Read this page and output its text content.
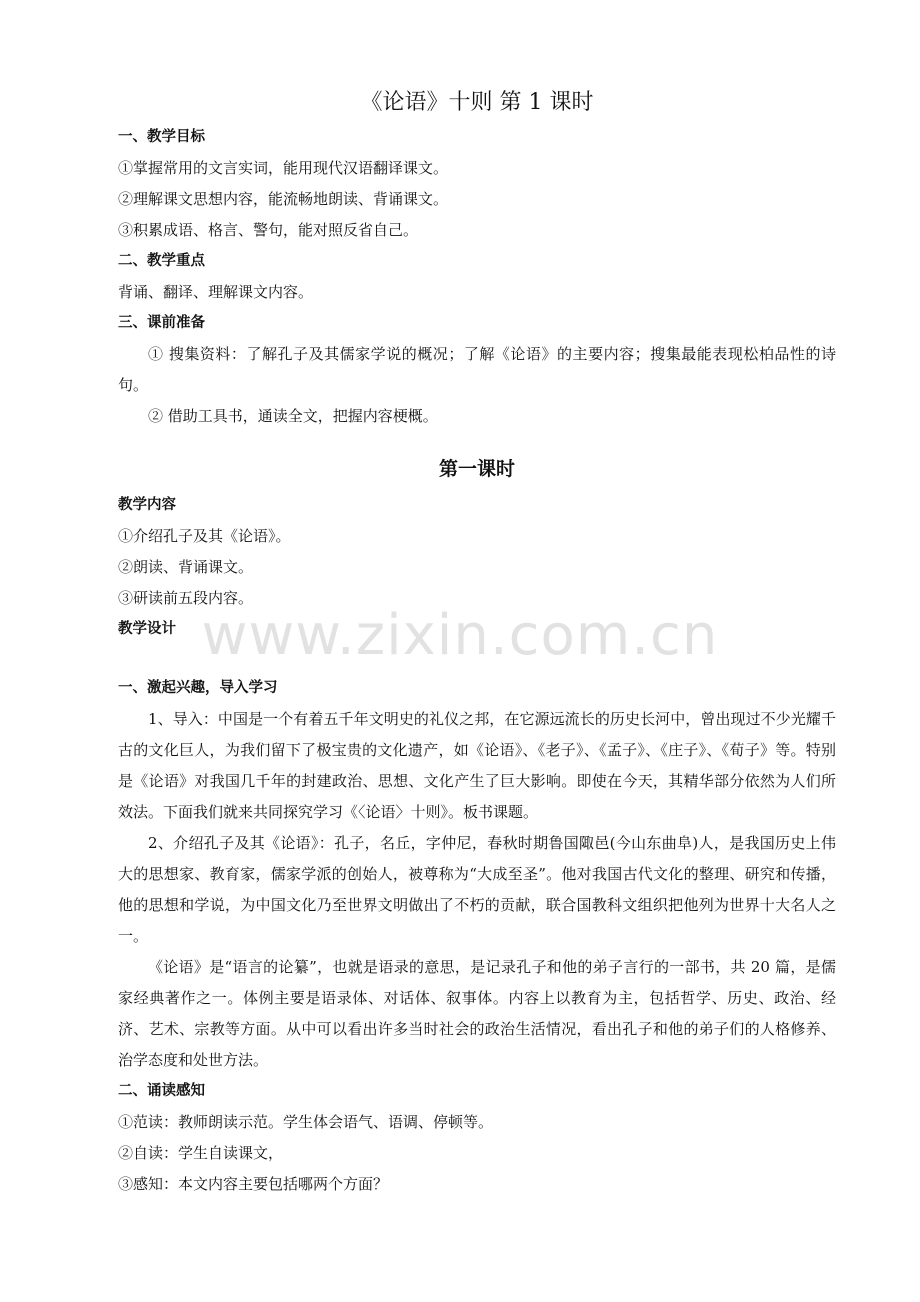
《论语》十则 第 1 课时

一、教学目标

①掌握常用的文言实词，能用现代汉语翻译课文。

②理解课文思想内容，能流畅地朗读、背诵课文。

③积累成语、格言、警句，能对照反省自己。

二、教学重点

背诵、翻译、理解课文内容。

三、课前准备

① 搜集资料：了解孔子及其儒家学说的概况；了解《论语》的主要内容；搜集最能表现松柏品性的诗句。

② 借助工具书，通读全文，把握内容梗概。

第一课时

教学内容

①介绍孔子及其《论语》。

②朗读、背诵课文。

③研读前五段内容。

教学设计

一、激起兴趣，导入学习

1、导入：中国是一个有着五千年文明史的礼仪之邦，在它源远流长的历史长河中，曾出现过不少光耀千古的文化巨人，为我们留下了极宝贵的文化遗产，如《论语》、《老子》、《孟子》、《庄子》、《荀子》等。特别是《论语》对我国几千年的封建政治、思想、文化产生了巨大影响。即使在今天，其精华部分依然为人们所效法。下面我们就来共同探究学习《〈论语〉十则》。板书课题。

2、介绍孔子及其《论语》：孔子，名丘，字仲尼，春秋时期鲁国陬邑(今山东曲阜)人，是我国历史上伟大的思想家、教育家，儒家学派的创始人，被尊称为“大成至圣”。他对我国古代文化的整理、研究和传播，他的思想和学说，为中国文化乃至世界文明做出了不朽的贡献，联合国教科文组织把他列为世界十大名人之一。

《论语》是“语言的论纂”，也就是语录的意思，是记录孔子和他的弟子言行的一部书，共 20 篇，是儒家经典著作之一。体例主要是语录体、对话体、叙事体。内容上以教育为主，包括哲学、历史、政治、经济、艺术、宗教等方面。从中可以看出许多当时社会的政治生活情况，看出孔子和他的弟子们的人格修养、治学态度和处世方法。

二、诵读感知

①范读：教师朗读示范。学生体会语气、语调、停顿等。

②自读：学生自读课文，

③感知：本文内容主要包括哪两个方面？

www.zixin.com.cn
